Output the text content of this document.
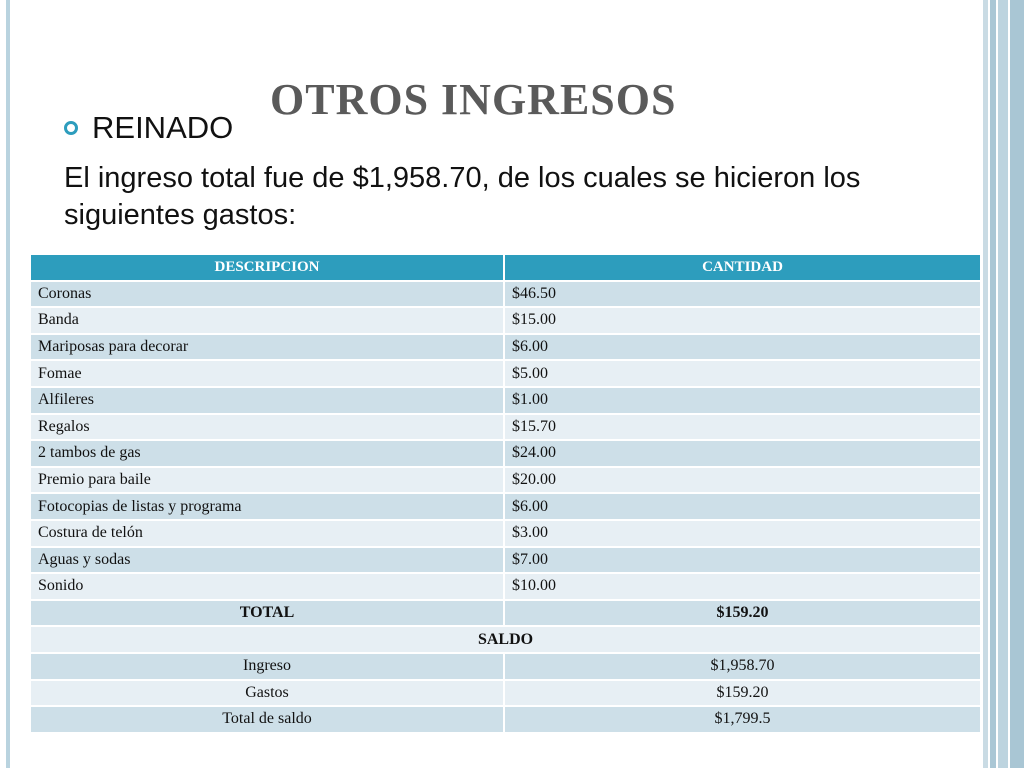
OTROS INGRESOS
REINADO

El ingreso total fue de $1,958.70, de los cuales se hicieron los siguientes gastos:

DESCRIPCION	CANTIDAD
Coronas	$46.50
Banda	$15.00
Mariposas para decorar	$6.00
Fomae	$5.00
Alfileres	$1.00
Regalos	$15.70
2 tambos de gas	$24.00
Premio para baile	$20.00
Fotocopias de listas y programa	$6.00
Costura de telón	$3.00
Aguas y sodas	$7.00
Sonido	$10.00
TOTAL	$159.20
SALDO	
Ingreso	$1,958.70
Gastos	$159.20
Total de saldo	$1,799.5
